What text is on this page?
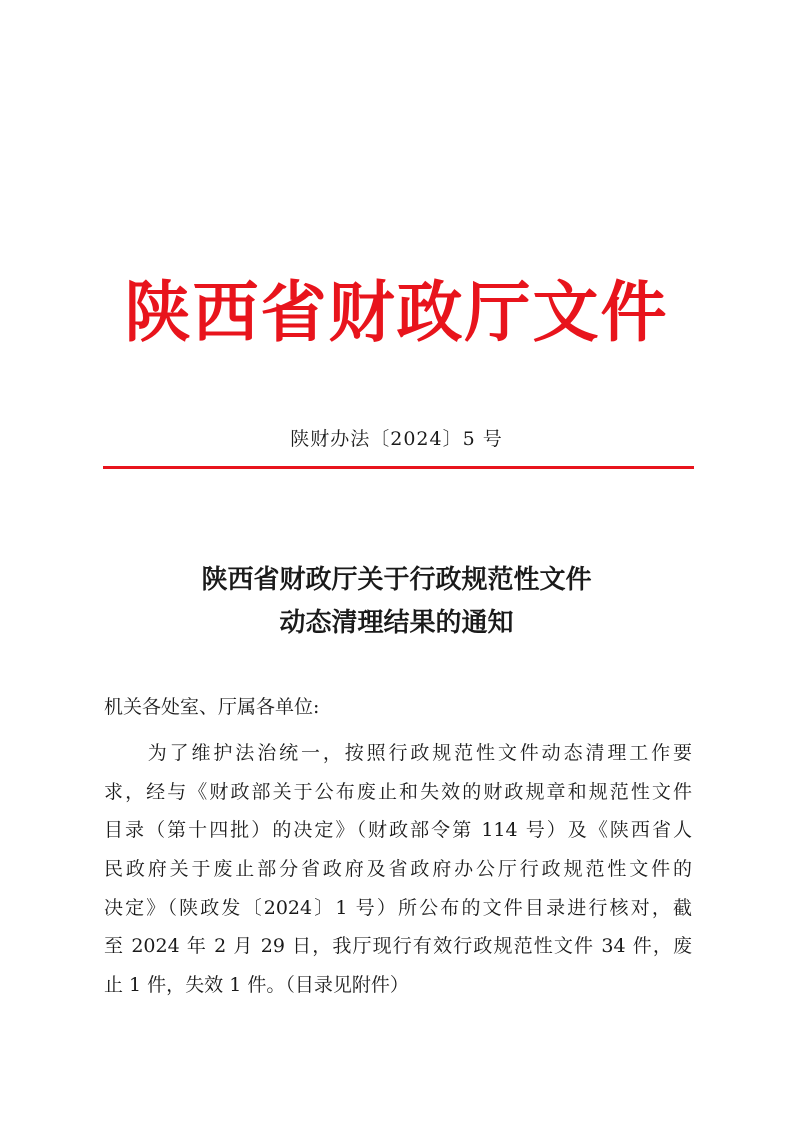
陕西省财政厅文件
陕财办法〔2024〕5 号
陕西省财政厅关于行政规范性文件
动态清理结果的通知
机关各处室、厅属各单位:
　　为了维护法治统一，按照行政规范性文件动态清理工作要
求，经与《财政部关于公布废止和失效的财政规章和规范性文件
目录（第十四批）的决定》（财政部令第 114 号）及《陕西省人
民政府关于废止部分省政府及省政府办公厅行政规范性文件的
决定》（陕政发〔2024〕1 号）所公布的文件目录进行核对，截
至 2024 年 2 月 29 日，我厅现行有效行政规范性文件 34 件，废
止 1 件，失效 1 件。（目录见附件）
